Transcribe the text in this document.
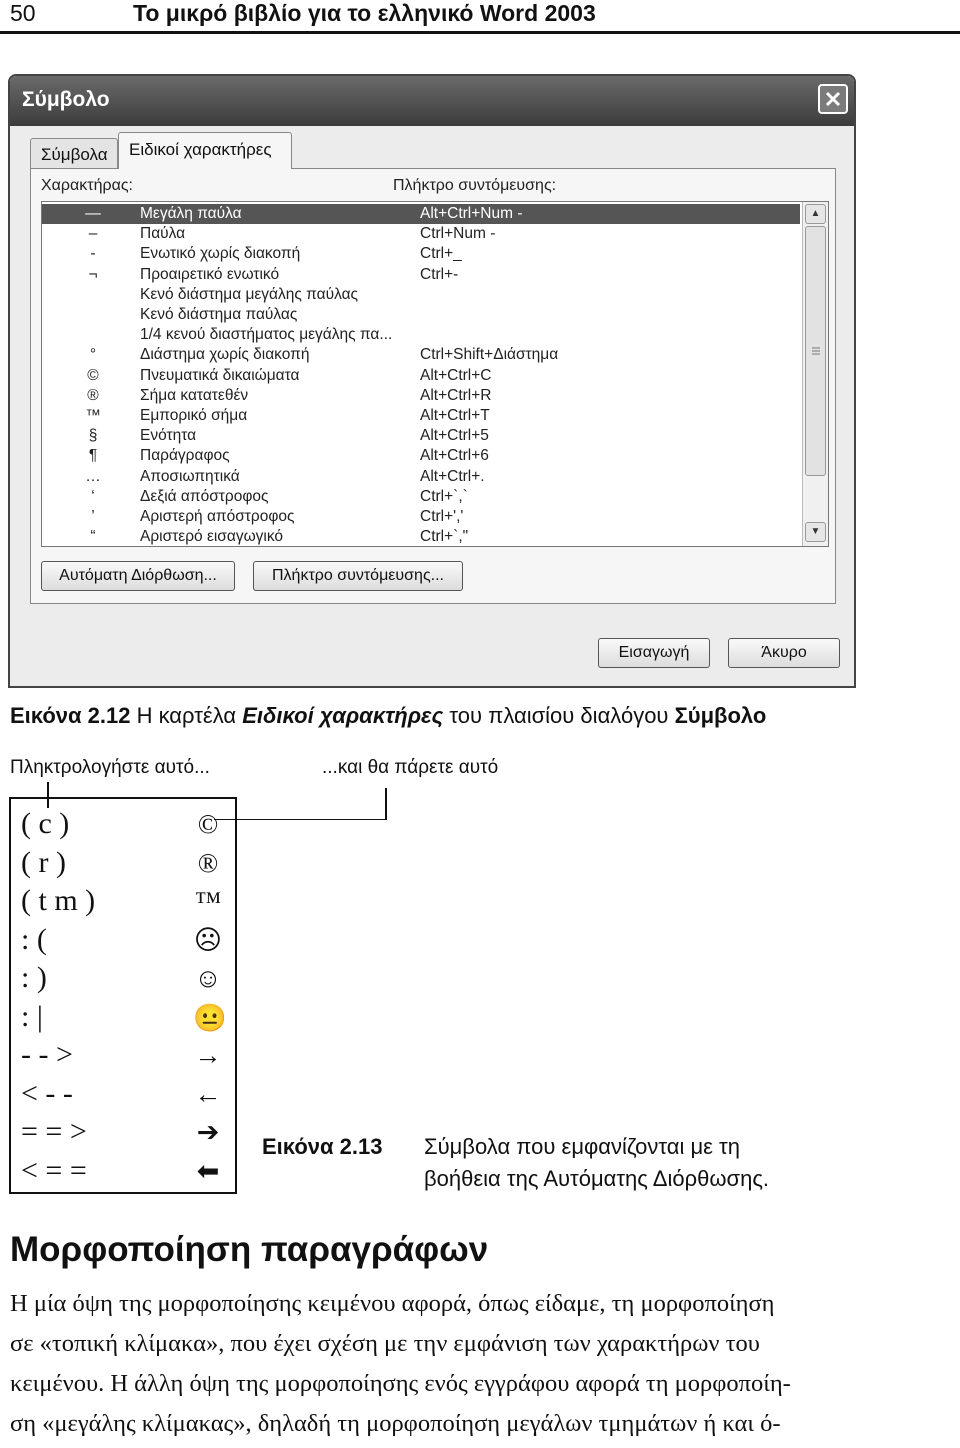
50	Το μικρό βιβλίο για το ελληνικό Word 2003
Σύμβολο
Σύμβολα	Ειδικοί χαρακτήρες
Χαρακτήρας:	Πλήκτρο συντόμευσης:
—	Μεγάλη παύλα	Alt+Ctrl+Num -
–	Παύλα	Ctrl+Num -
-	Ενωτικό χωρίς διακοπή	Ctrl+_
¬	Προαιρετικό ενωτικό	Ctrl+-
Κενό διάστημα μεγάλης παύλας
Κενό διάστημα παύλας
1/4 κενού διαστήματος μεγάλης πα...
°	Διάστημα χωρίς διακοπή	Ctrl+Shift+Διάστημα
©	Πνευματικά δικαιώματα	Alt+Ctrl+C
®	Σήμα κατατεθέν	Alt+Ctrl+R
™	Εμπορικό σήμα	Alt+Ctrl+T
§	Ενότητα	Alt+Ctrl+5
¶	Παράγραφος	Alt+Ctrl+6
…	Αποσιωπητικά	Alt+Ctrl+.
‘	Δεξιά απόστροφος	Ctrl+`,`
’	Αριστερή απόστροφος	Ctrl+','
“	Αριστερό εισαγωγικό	Ctrl+`,"
▲
▼
Αυτόματη Διόρθωση...	Πλήκτρο συντόμευσης...
Εισαγωγή	Άκυρο
Εικόνα 2.12 Η καρτέλα Ειδικοί χαρακτήρες του πλαισίου διαλόγου Σύμβολο
Πληκτρολογήστε αυτό...	...και θα πάρετε αυτό
( c )	©
( r )	®
( t m )	™
: (	☹
: )	☺
: |	😐
- - >	→
< - -	←
= = >	➔
< = =	⬅
Εικόνα 2.13 Σύμβολα που εμφανίζονται με τη
βοήθεια της Αυτόματης Διόρθωσης.
Μορφοποίηση παραγράφων
Η μία όψη της μορφοποίησης κειμένου αφορά, όπως είδαμε, τη μορφοποίηση
σε «τοπική κλίμακα», που έχει σχέση με την εμφάνιση των χαρακτήρων του
κειμένου. Η άλλη όψη της μορφοποίησης ενός εγγράφου αφορά τη μορφοποίη-
ση «μεγάλης κλίμακας», δηλαδή τη μορφοποίηση μεγάλων τμημάτων ή και ό-
